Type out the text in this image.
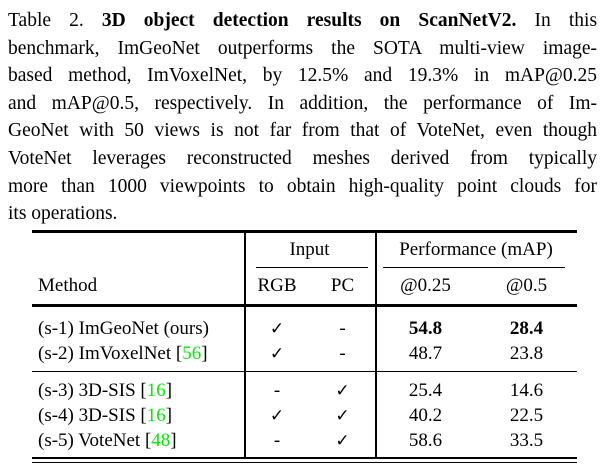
Table 2. 3D object detection results on ScanNetV2. In this
benchmark, ImGeoNet outperforms the SOTA multi-view image-
based method, ImVoxelNet, by 12.5% and 19.3% in mAP@0.25
and mAP@0.5, respectively. In addition, the performance of Im-
GeoNet with 50 views is not far from that of VoteNet, even though
VoteNet leverages reconstructed meshes derived from typically
more than 1000 viewpoints to obtain high-quality point clouds for
its operations.
Input	Performance (mAP)
Method	RGB	PC	@0.25	@0.5
(s-1) ImGeoNet (ours)	✓	-	54.8	28.4
(s-2) ImVoxelNet [56]	✓	-	48.7	23.8
(s-3) 3D-SIS [16]	-	✓	25.4	14.6
(s-4) 3D-SIS [16]	✓	✓	40.2	22.5
(s-5) VoteNet [48]	-	✓	58.6	33.5
